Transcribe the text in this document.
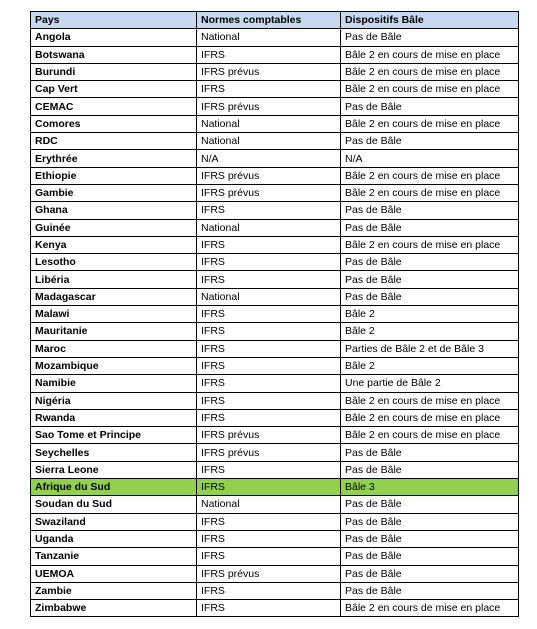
Pays	Normes comptables	Dispositifs Bâle
Angola	National	Pas de Bâle
Botswana	IFRS	Bâle 2 en cours de mise en place
Burundi	IFRS prévus	Bâle 2 en cours de mise en place
Cap Vert	IFRS	Bâle 2 en cours de mise en place
CEMAC	IFRS prévus	Pas de Bâle
Comores	National	Bâle 2 en cours de mise en place
RDC	National	Pas de Bâle
Erythrée	N/A	N/A
Ethiopie	IFRS prévus	Bâle 2 en cours de mise en place
Gambie	IFRS prévus	Bâle 2 en cours de mise en place
Ghana	IFRS	Pas de Bâle
Guinée	National	Pas de Bâle
Kenya	IFRS	Bâle 2 en cours de mise en place
Lesotho	IFRS	Pas de Bâle
Libéria	IFRS	Pas de Bâle
Madagascar	National	Pas de Bâle
Malawi	IFRS	Bâle 2
Mauritanie	IFRS	Bâle 2
Maroc	IFRS	Parties de Bâle 2 et de Bâle 3
Mozambique	IFRS	Bâle 2
Namibie	IFRS	Une partie de Bâle 2
Nigéria	IFRS	Bâle 2 en cours de mise en place
Rwanda	IFRS	Bâle 2 en cours de mise en place
Sao Tome et Principe	IFRS prévus	Bâle 2 en cours de mise en place
Seychelles	IFRS prévus	Pas de Bâle
Sierra Leone	IFRS	Pas de Bâle
Afrique du Sud	IFRS	Bâle 3
Soudan du Sud	National	Pas de Bâle
Swaziland	IFRS	Pas de Bâle
Uganda	IFRS	Pas de Bâle
Tanzanie	IFRS	Pas de Bâle
UEMOA	IFRS prévus	Pas de Bâle
Zambie	IFRS	Pas de Bâle
Zimbabwe	IFRS	Bâle 2 en cours de mise en place
